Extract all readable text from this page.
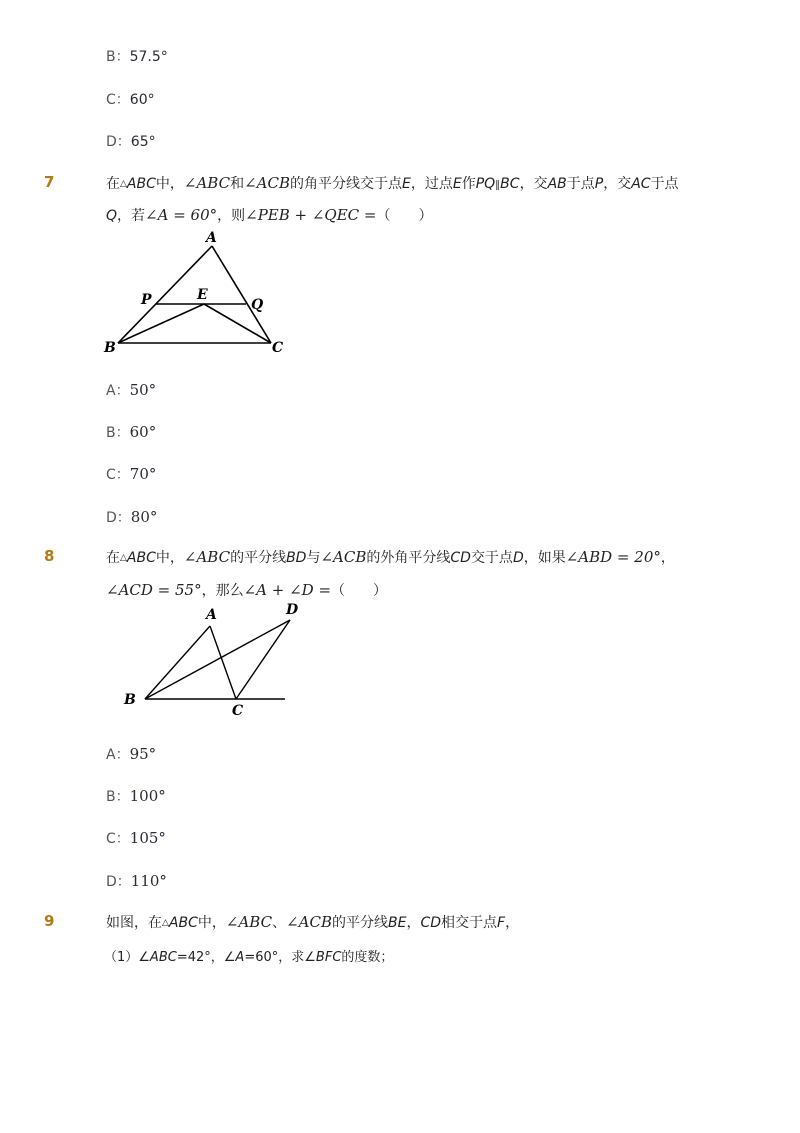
B：57.5°
C：60°
D：65°
7	在△ABC中，∠ABC和∠ACB的角平分线交于点E，过点E作PQ∥BC，交AB于点P，交AC于点
Q，若∠A = 60°，则∠PEB + ∠QEC =（　　）
A
P	E
Q
B	C
A：50°
B：60°
C：70°
D：80°
8	在△ABC中，∠ABC的平分线BD与∠ACB的外角平分线CD交于点D，如果∠ABD = 20°，
∠ACD = 55°，那么∠A + ∠D =（　　）
A	D
B
C
A：95°
B：100°
C：105°
D：110°
9	如图，在△ABC中，∠ABC、∠ACB的平分线BE，CD相交于点F，
（1）∠ABC=42°，∠A=60°，求∠BFC的度数；
